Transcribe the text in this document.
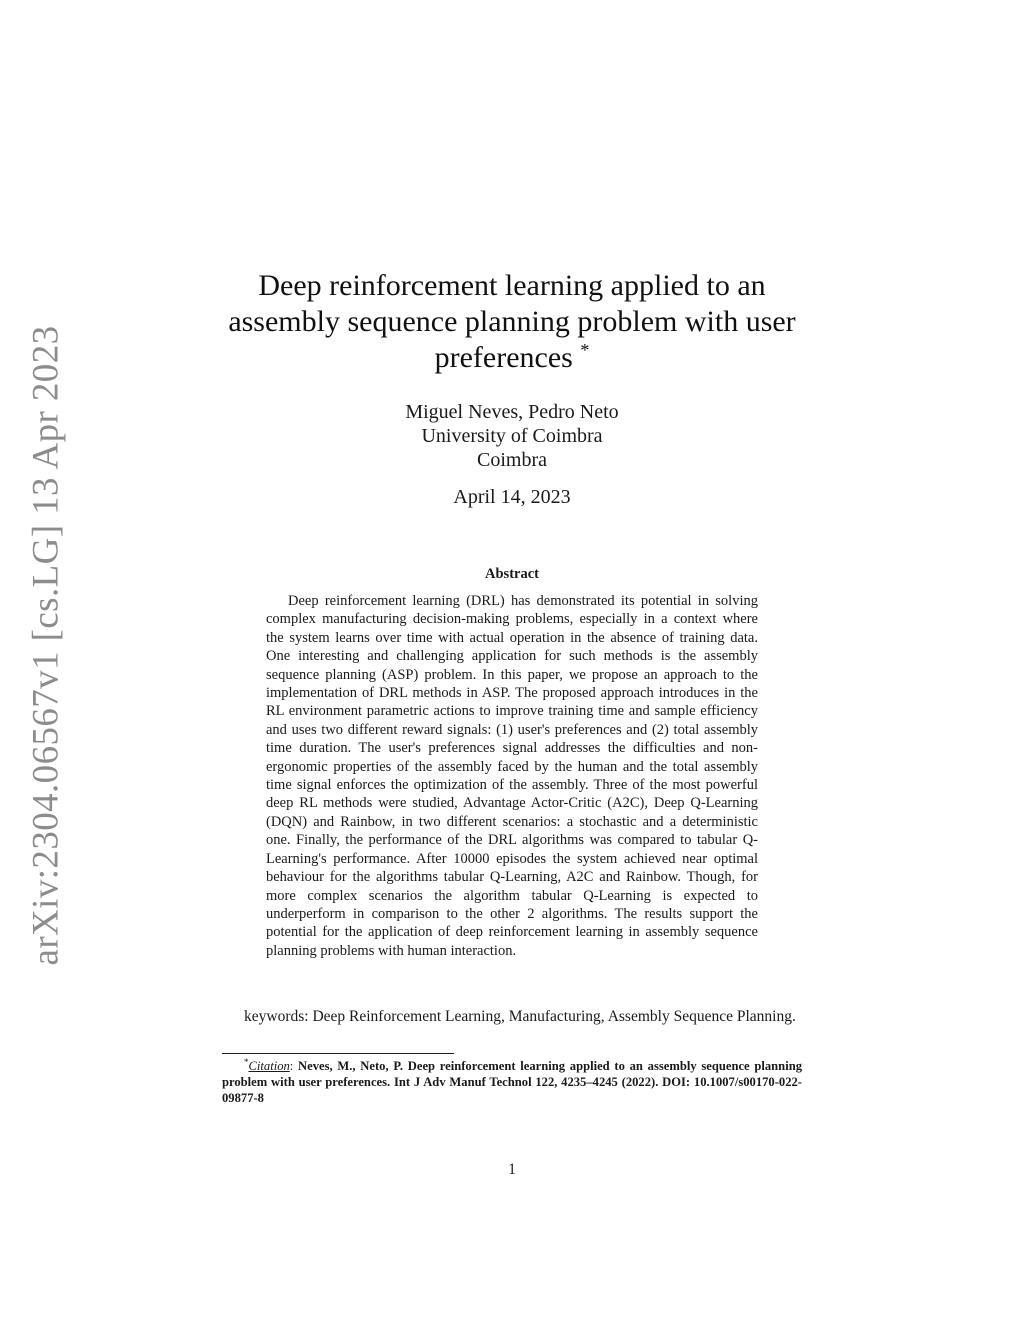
arXiv:2304.06567v1 [cs.LG] 13 Apr 2023
Deep reinforcement learning applied to an
assembly sequence planning problem with user
preferences *
Miguel Neves, Pedro Neto
University of Coimbra
Coimbra
April 14, 2023
Abstract
Deep reinforcement learning (DRL) has demonstrated its potential in solving complex manufacturing decision-making problems, especially in a context where the system learns over time with actual operation in the absence of training data. One interesting and challenging application for such methods is the assembly sequence planning (ASP) problem. In this paper, we propose an approach to the implementation of DRL methods in ASP. The proposed approach introduces in the RL environment parametric actions to improve training time and sample efficiency and uses two different reward signals: (1) user's preferences and (2) total assembly time duration. The user's preferences signal addresses the difficulties and non-ergonomic properties of the assembly faced by the human and the total assembly time signal enforces the optimization of the assembly. Three of the most powerful deep RL methods were studied, Advantage Actor-Critic (A2C), Deep Q-Learning (DQN) and Rainbow, in two different scenarios: a stochastic and a deterministic one. Finally, the performance of the DRL algorithms was compared to tabular Q-Learning's performance. After 10000 episodes the system achieved near optimal behaviour for the algorithms tabular Q-Learning, A2C and Rainbow. Though, for more complex scenarios the algorithm tabular Q-Learning is expected to underperform in comparison to the other 2 algorithms. The results support the potential for the application of deep reinforcement learning in assembly sequence planning problems with human interaction.
keywords: Deep Reinforcement Learning, Manufacturing, Assembly Sequence Planning.
*Citation: Neves, M., Neto, P. Deep reinforcement learning applied to an assembly sequence planning problem with user preferences. Int J Adv Manuf Technol 122, 4235–4245 (2022). DOI: 10.1007/s00170-022-09877-8
1
